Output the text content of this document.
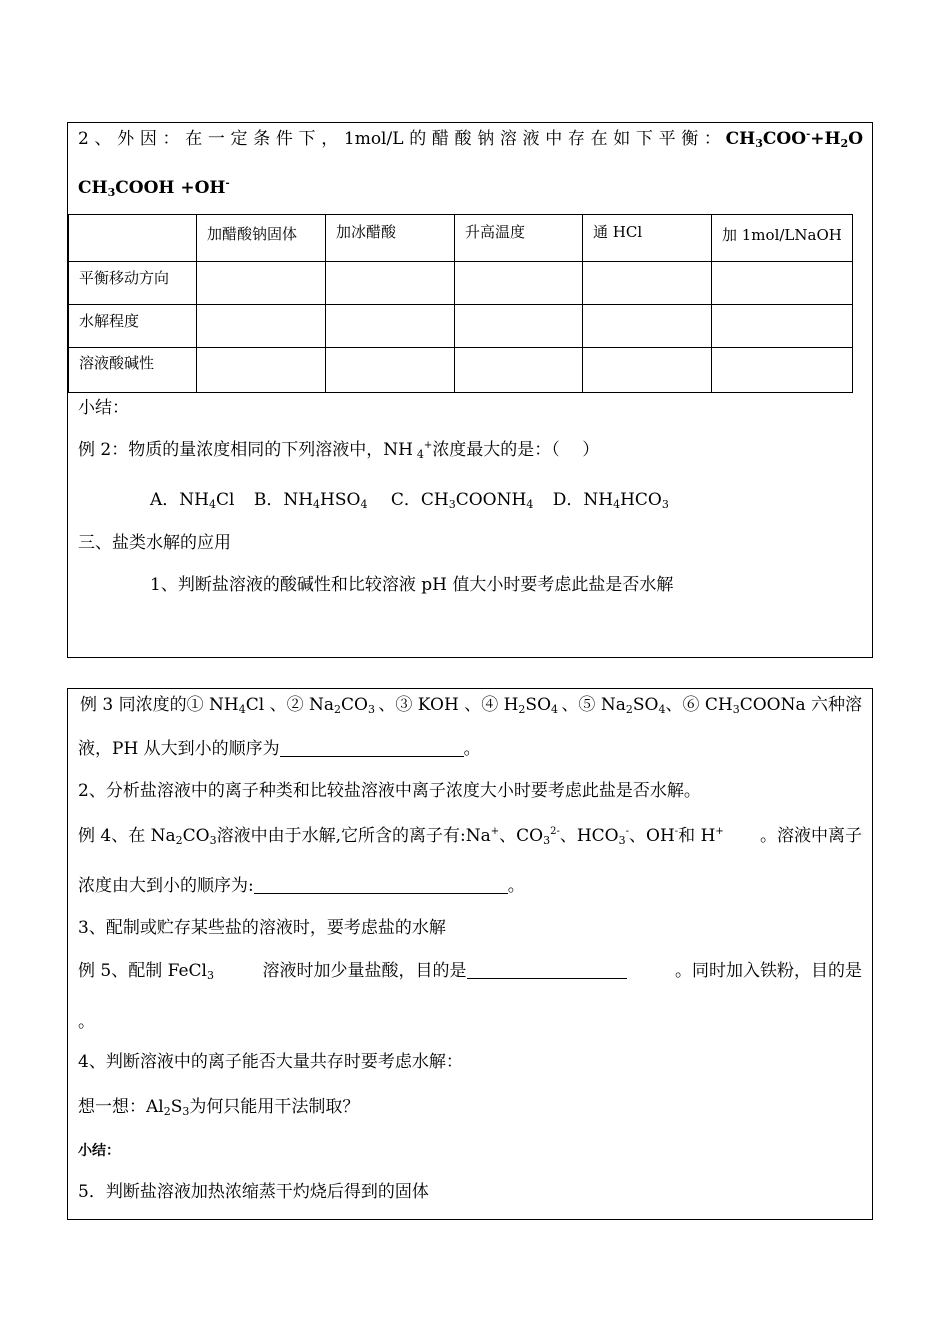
2 、 外 因 ： 在 一 定 条 件 下 ， 1mol/L 的 醋 酸 钠 溶 液 中 存 在 如 下 平 衡 ： $CH_3COO^-+H_2O$
$CH_3COOH +OH^-$
	加醋酸钠固体	加冰醋酸	升高温度	通 HCl	加 1mol/LNaOH
平衡移动方向					
水解程度					
溶液酸碱性					
小结：
例 2：物质的量浓度相同的下列溶液中，NH $_4$+浓度最大的是：（　 ）
A．$NH_4Cl$ B．$NH_4HSO_4$ C．$CH_3COONH_4$ D．$NH_4HCO_3$
三、盐类水解的应用
1、判断盐溶液的酸碱性和比较溶液 pH 值大小时要考虑此盐是否水解
例 3 同浓度的① $NH_4Cl$ 、② $Na_2CO_3$ 、③ KOH 、④ $H_2SO_4$ 、⑤ $Na_2SO_4$、⑥ $CH_3COONa$ 六种溶
液，PH 从大到小的顺序为	。
2、分析盐溶液中的离子种类和比较盐溶液中离子浓度大小时要考虑此盐是否水解。
例 4、在 $Na_2CO_3$溶液中由于水解,它所含的离子有:Na+、$CO_3^{2-}$、$HCO_3^-$、OH-和 H+ 。溶液中离子
浓度由大到小的顺序为:	。
3、配制或贮存某些盐的溶液时，要考虑盐的水解
例 5、配制 FeCl$_3$	溶液时加少量盐酸，目的是	。同时加入铁粉，目的是
。
4、判断溶液中的离子能否大量共存时要考虑水解：
想一想：$Al_2S_3$为何只能用干法制取？
小结：
5．判断盐溶液加热浓缩蒸干灼烧后得到的固体
